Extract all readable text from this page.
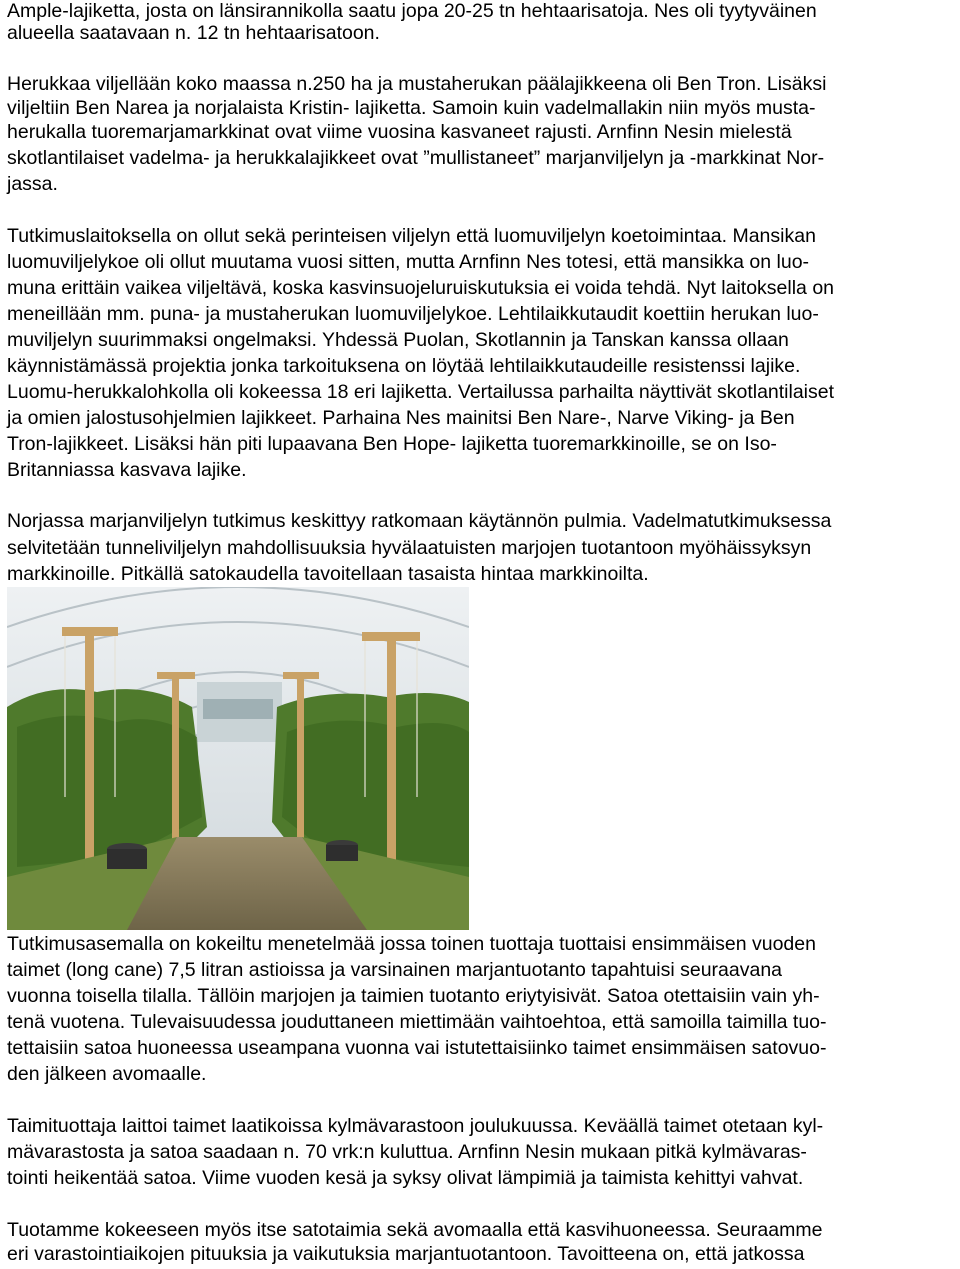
Ample-lajiketta, josta on länsirannikolla saatu jopa 20-25 tn hehtaarisatoja. Nes oli tyytyväinen
alueella saatavaan n. 12 tn hehtaarisatoon.
Herukkaa viljellään koko maassa n.250 ha ja mustaherukan päälajikkeena oli Ben Tron. Lisäksi
viljeltiin Ben Narea ja norjalaista Kristin- lajiketta. Samoin kuin vadelmallakin niin myös musta-
herukalla tuoremarjamarkkinat ovat viime vuosina kasvaneet rajusti. Arnfinn Nesin mielestä
skotlantilaiset vadelma- ja herukkalajikkeet ovat ”mullistaneet” marjanviljelyn ja -markkinat Nor-
jassa.
Tutkimuslaitoksella on ollut sekä perinteisen viljelyn että luomuviljelyn koetoimintaa. Mansikan
luomuviljelykoe oli ollut muutama vuosi sitten, mutta Arnfinn Nes totesi, että mansikka on luo-
muna erittäin vaikea viljeltävä, koska kasvinsuojeluruiskutuksia ei voida tehdä. Nyt laitoksella on
meneillään mm. puna- ja mustaherukan luomuviljelykoe. Lehtilaikkutaudit koettiin herukan luo-
muviljelyn suurimmaksi ongelmaksi. Yhdessä Puolan, Skotlannin ja Tanskan kanssa ollaan
käynnistämässä projektia jonka tarkoituksena on löytää lehtilaikkutaudeille resistenssi lajike.
Luomu-herukkalohkolla oli kokeessa 18 eri lajiketta. Vertailussa parhailta näyttivät skotlantilaiset
ja omien jalostusohjelmien lajikkeet. Parhaina Nes mainitsi Ben Nare-, Narve Viking- ja Ben
Tron-lajikkeet. Lisäksi hän piti lupaavana Ben Hope- lajiketta tuoremarkkinoille, se on Iso-
Britanniassa kasvava lajike.
Norjassa marjanviljelyn tutkimus keskittyy ratkomaan käytännön pulmia. Vadelmatutkimuksessa
selvitetään tunneliviljelyn mahdollisuuksia hyvälaatuisten marjojen tuotantoon myöhäissyksyn
markkinoille. Pitkällä satokaudella tavoitellaan tasaista hintaa markkinoilta.
Tutkimusasemalla on kokeiltu menetelmää jossa toinen tuottaja tuottaisi ensimmäisen vuoden
taimet (long cane) 7,5 litran astioissa ja varsinainen marjantuotanto tapahtuisi seuraavana
vuonna toisella tilalla. Tällöin marjojen ja taimien tuotanto eriytyisivät. Satoa otettaisiin vain yh-
tenä vuotena. Tulevaisuudessa jouduttaneen miettimään vaihtoehtoa, että samoilla taimilla tuo-
tettaisiin satoa huoneessa useampana vuonna vai istutettaisiinko taimet ensimmäisen satovuo-
den jälkeen avomaalle.
Taimituottaja laittoi taimet laatikoissa kylmävarastoon joulukuussa. Keväällä taimet otetaan kyl-
mävarastosta ja satoa saadaan n. 70 vrk:n kuluttua. Arnfinn Nesin mukaan pitkä kylmävaras-
tointi heikentää satoa. Viime vuoden kesä ja syksy olivat lämpimiä ja taimista kehittyi vahvat.
Tuotamme kokeeseen myös itse satotaimia sekä avomaalla että kasvihuoneessa. Seuraamme
eri varastointiaikojen pituuksia ja vaikutuksia marjantuotantoon. Tavoitteena on, että jatkossa
